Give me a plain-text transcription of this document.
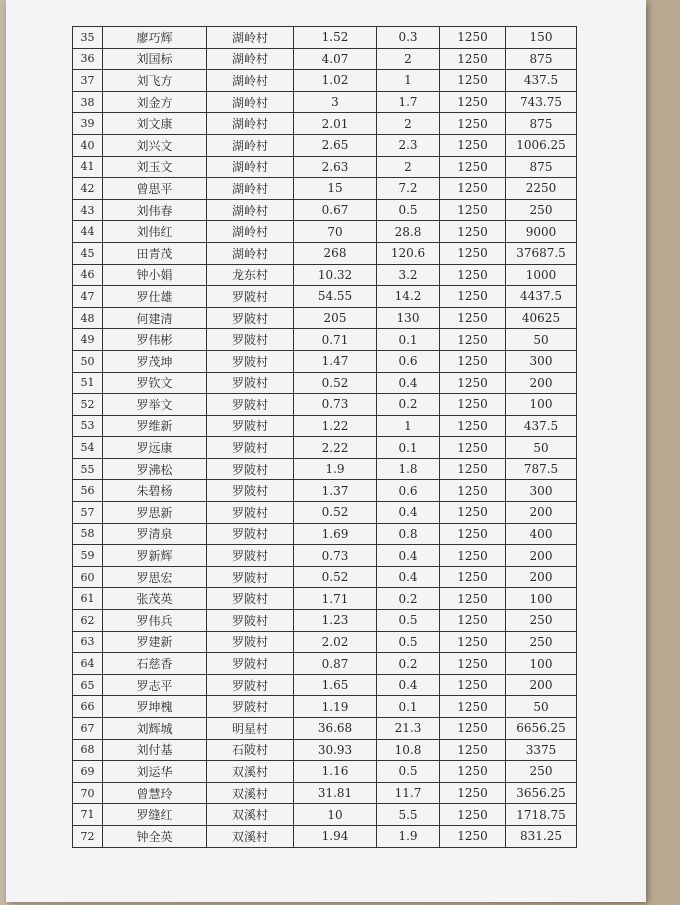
35	廖巧辉	湖岭村	1.52	0.3	1250	150
36	刘国标	湖岭村	4.07	2	1250	875
37	刘飞方	湖岭村	1.02	1	1250	437.5
38	刘金方	湖岭村	3	1.7	1250	743.75
39	刘文康	湖岭村	2.01	2	1250	875
40	刘兴文	湖岭村	2.65	2.3	1250	1006.25
41	刘玉文	湖岭村	2.63	2	1250	875
42	曾思平	湖岭村	15	7.2	1250	2250
43	刘伟春	湖岭村	0.67	0.5	1250	250
44	刘伟红	湖岭村	70	28.8	1250	9000
45	田青茂	湖岭村	268	120.6	1250	37687.5
46	钟小娟	龙东村	10.32	3.2	1250	1000
47	罗仕雄	罗陂村	54.55	14.2	1250	4437.5
48	何建清	罗陂村	205	130	1250	40625
49	罗伟彬	罗陂村	0.71	0.1	1250	50
50	罗茂坤	罗陂村	1.47	0.6	1250	300
51	罗钦文	罗陂村	0.52	0.4	1250	200
52	罗举文	罗陂村	0.73	0.2	1250	100
53	罗维新	罗陂村	1.22	1	1250	437.5
54	罗远康	罗陂村	2.22	0.1	1250	50
55	罗沸松	罗陂村	1.9	1.8	1250	787.5
56	朱碧杨	罗陂村	1.37	0.6	1250	300
57	罗思新	罗陂村	0.52	0.4	1250	200
58	罗清泉	罗陂村	1.69	0.8	1250	400
59	罗新辉	罗陂村	0.73	0.4	1250	200
60	罗思宏	罗陂村	0.52	0.4	1250	200
61	张茂英	罗陂村	1.71	0.2	1250	100
62	罗伟兵	罗陂村	1.23	0.5	1250	250
63	罗建新	罗陂村	2.02	0.5	1250	250
64	石慈香	罗陂村	0.87	0.2	1250	100
65	罗志平	罗陂村	1.65	0.4	1250	200
66	罗坤槐	罗陂村	1.19	0.1	1250	50
67	刘辉城	明星村	36.68	21.3	1250	6656.25
68	刘付基	石陂村	30.93	10.8	1250	3375
69	刘运华	双溪村	1.16	0.5	1250	250
70	曾慧玲	双溪村	31.81	11.7	1250	3656.25
71	罗缝红	双溪村	10	5.5	1250	1718.75
72	钟全英	双溪村	1.94	1.9	1250	831.25
